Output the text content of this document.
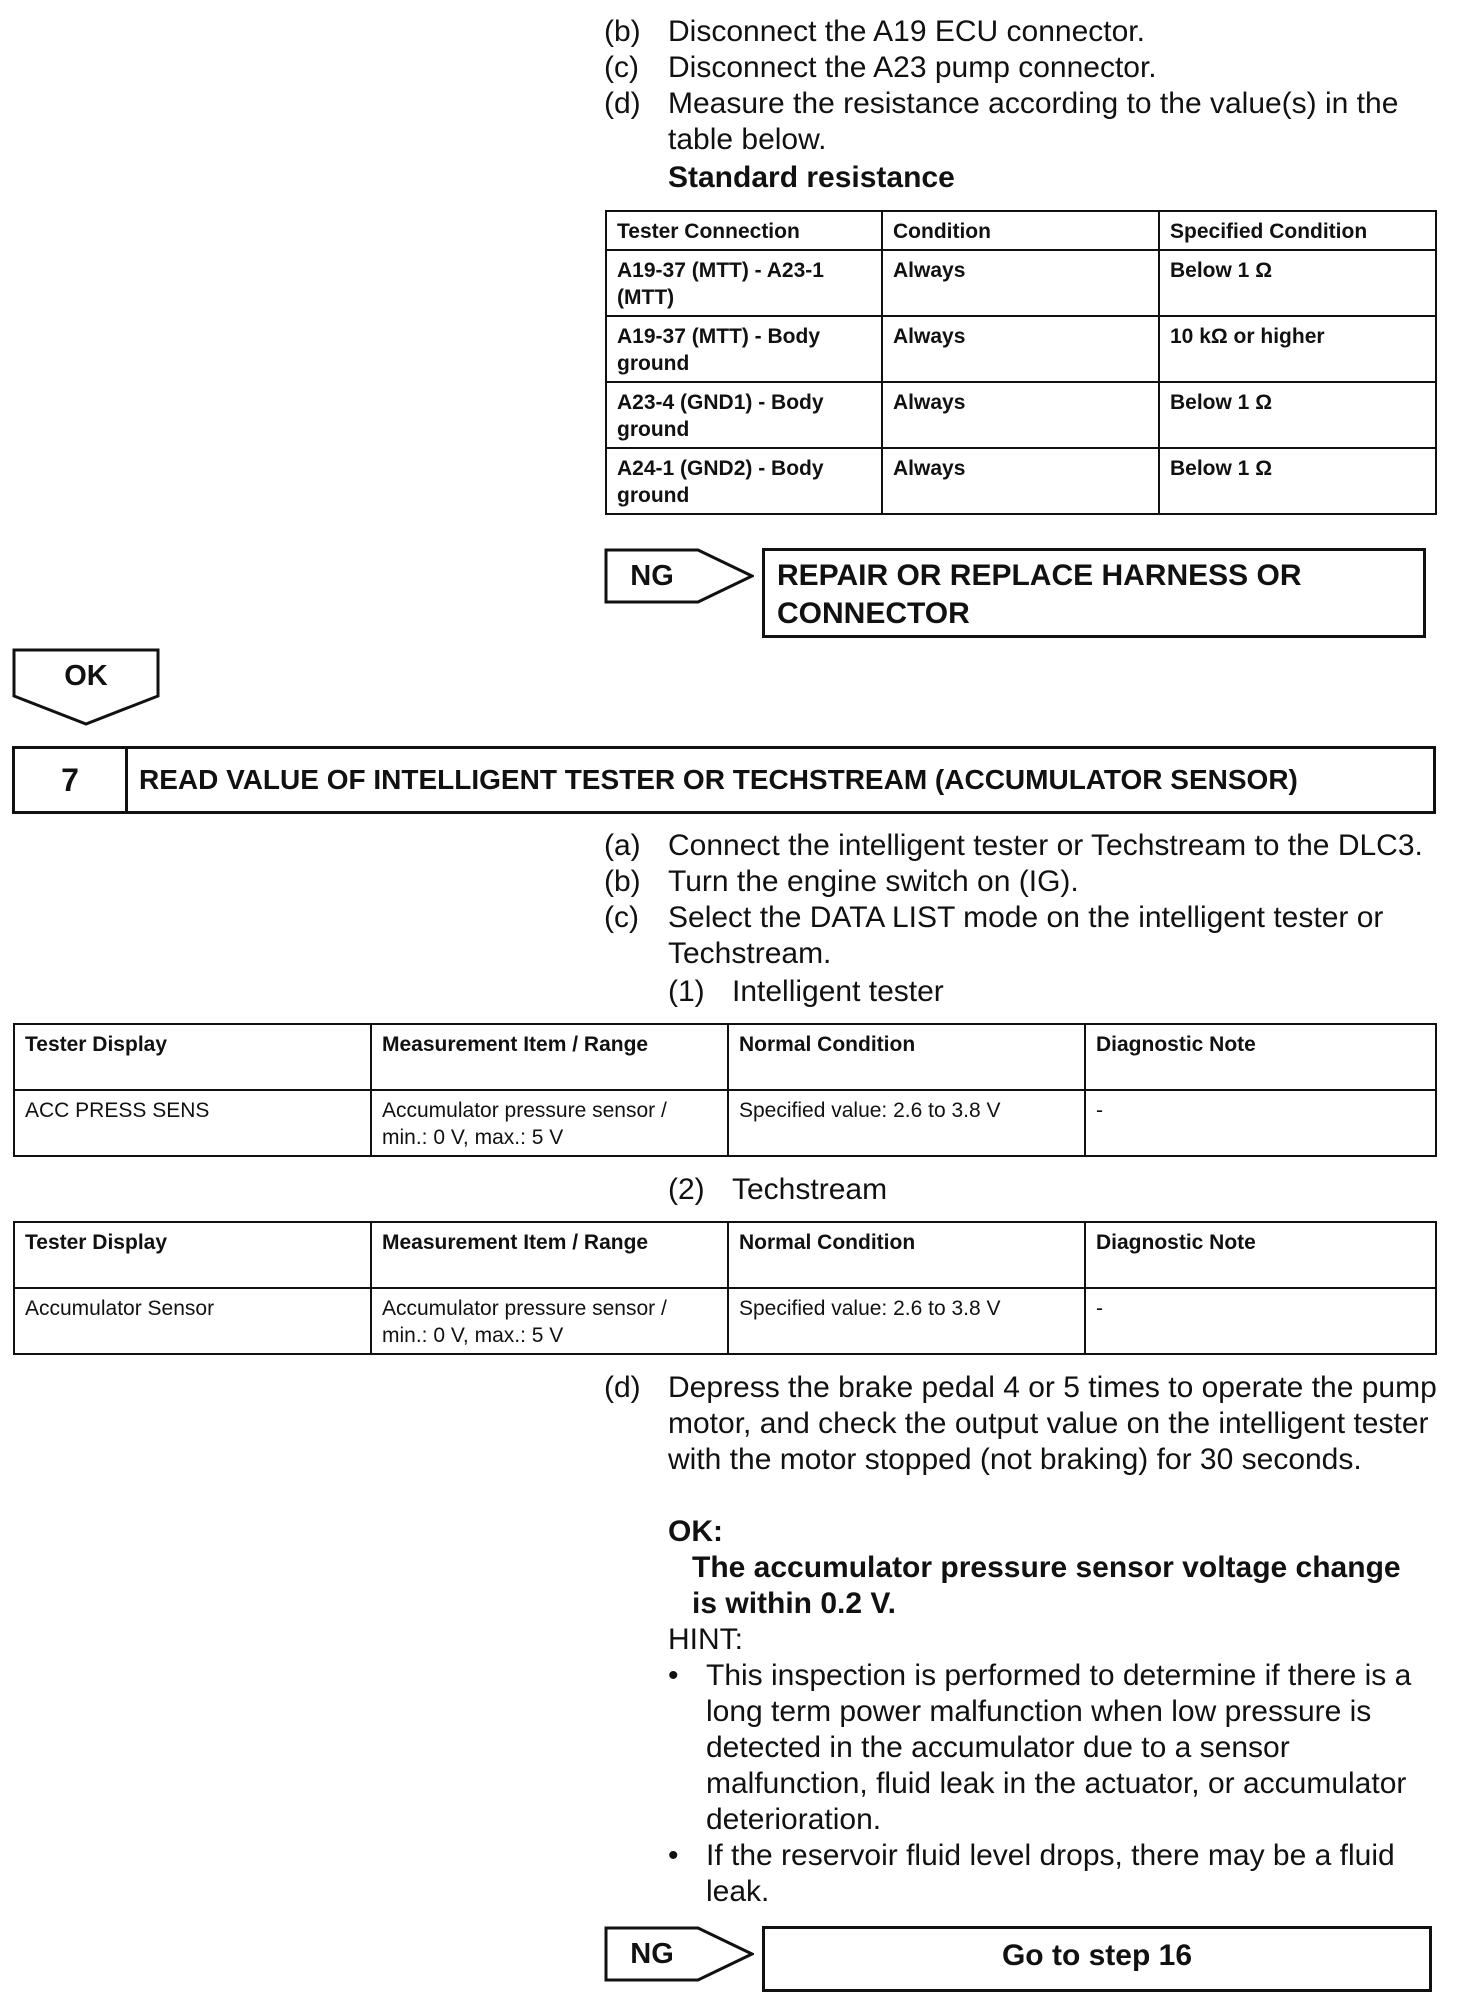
(b) Disconnect the A19 ECU connector.
(c) Disconnect the A23 pump connector.
(d) Measure the resistance according to the value(s) in the table below.
Standard resistance
Tester Connection	Condition	Specified Condition
A19-37 (MTT) - A23-1 (MTT)	Always	Below 1 Ω
A19-37 (MTT) - Body ground	Always	10 kΩ or higher
A23-4 (GND1) - Body ground	Always	Below 1 Ω
A24-1 (GND2) - Body ground	Always	Below 1 Ω
NG	REPAIR OR REPLACE HARNESS OR CONNECTOR
OK
7	READ VALUE OF INTELLIGENT TESTER OR TECHSTREAM (ACCUMULATOR SENSOR)
(a) Connect the intelligent tester or Techstream to the DLC3.
(b) Turn the engine switch on (IG).
(c) Select the DATA LIST mode on the intelligent tester or Techstream.
(1) Intelligent tester
Tester Display	Measurement Item / Range	Normal Condition	Diagnostic Note
ACC PRESS SENS	Accumulator pressure sensor / min.: 0 V, max.: 5 V	Specified value: 2.6 to 3.8 V	-
(2) Techstream
Tester Display	Measurement Item / Range	Normal Condition	Diagnostic Note
Accumulator Sensor	Accumulator pressure sensor / min.: 0 V, max.: 5 V	Specified value: 2.6 to 3.8 V	-
(d) Depress the brake pedal 4 or 5 times to operate the pump motor, and check the output value on the intelligent tester with the motor stopped (not braking) for 30 seconds.
OK:
The accumulator pressure sensor voltage change is within 0.2 V.
HINT:
• This inspection is performed to determine if there is a long term power malfunction when low pressure is detected in the accumulator due to a sensor malfunction, fluid leak in the actuator, or accumulator deterioration.
• If the reservoir fluid level drops, there may be a fluid leak.
NG	Go to step 16
